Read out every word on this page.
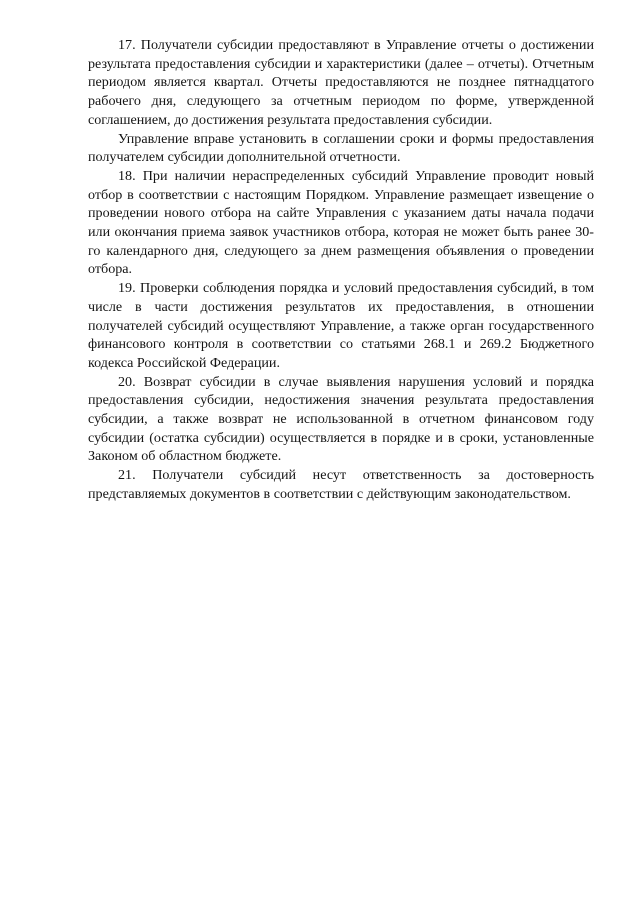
17. Получатели субсидии предоставляют в Управление отчеты о достижении результата предоставления субсидии и характеристики (далее – отчеты). Отчетным периодом является квартал. Отчеты предоставляются не позднее пятнадцатого рабочего дня, следующего за отчетным периодом по форме, утвержденной соглашением, до достижения результата предоставления субсидии.

Управление вправе установить в соглашении сроки и формы предоставления получателем субсидии дополнительной отчетности.

18. При наличии нераспределенных субсидий Управление проводит новый отбор в соответствии с настоящим Порядком. Управление размещает извещение о проведении нового отбора на сайте Управления с указанием даты начала подачи или окончания приема заявок участников отбора, которая не может быть ранее 30-го календарного дня, следующего за днем размещения объявления о проведении отбора.

19. Проверки соблюдения порядка и условий предоставления субсидий, в том числе в части достижения результатов их предоставления, в отношении получателей субсидий осуществляют Управление, а также орган государственного финансового контроля в соответствии со статьями 268.1 и 269.2 Бюджетного кодекса Российской Федерации.

20. Возврат субсидии в случае выявления нарушения условий и порядка предоставления субсидии, недостижения значения результата предоставления субсидии, а также возврат не использованной в отчетном финансовом году субсидии (остатка субсидии) осуществляется в порядке и в сроки, установленные Законом об областном бюджете.

21. Получатели субсидий несут ответственность за достоверность представляемых документов в соответствии с действующим законодательством.
